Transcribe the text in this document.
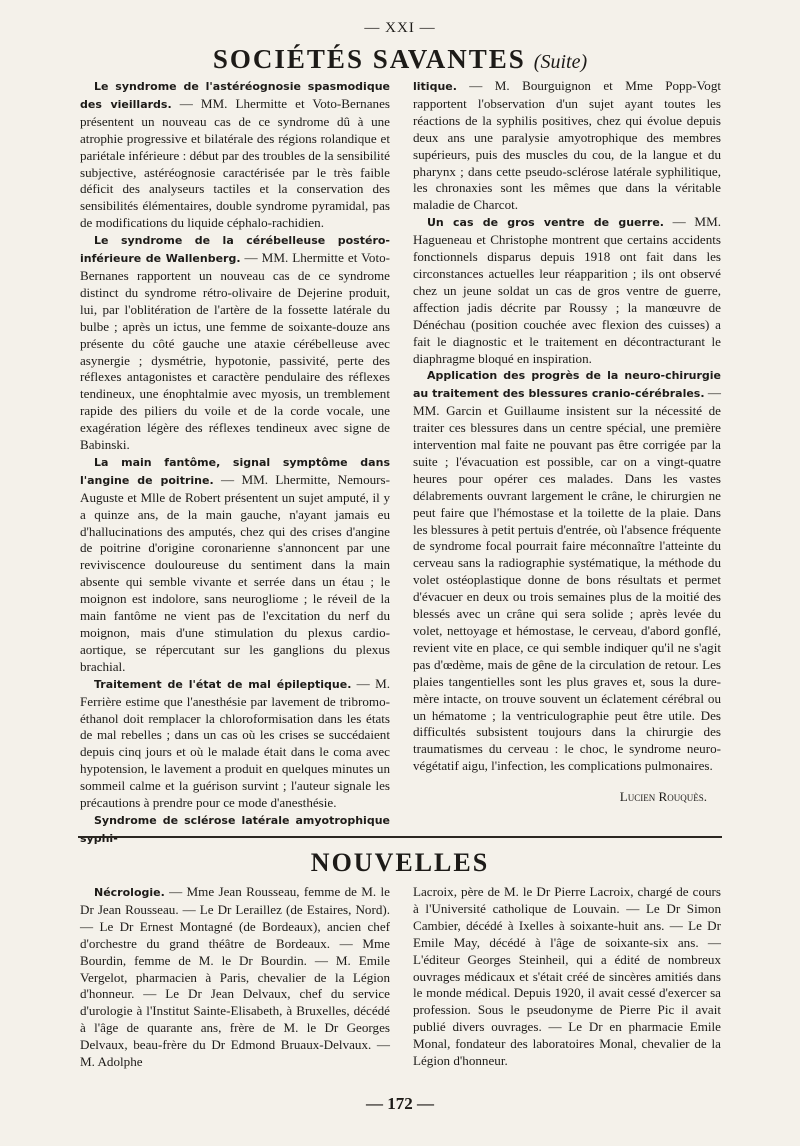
— XXI —
SOCIÉTÉS SAVANTES (Suite)

Le syndrome de l'astéréognosie spasmodique des vieillards. — MM. Lhermitte et Voto-Bernanes présentent un nouveau cas de ce syndrome dû à une atrophie progressive et bilatérale des régions rolandique et pariétale inférieure : début par des troubles de la sensibilité subjective, astéréognosie caractérisée par le très faible déficit des analyseurs tactiles et la conservation des sensibilités élémentaires, double syndrome pyramidal, pas de modifications du liquide céphalo-rachidien.

Le syndrome de la cérébelleuse postéro-inférieure de Wallenberg. — MM. Lhermitte et Voto-Bernanes rapportent un nouveau cas de ce syndrome distinct du syndrome rétro-olivaire de Dejerine produit, lui, par l'oblitération de l'artère de la fossette latérale du bulbe ; après un ictus, une femme de soixante-douze ans présente du côté gauche une ataxie cérébelleuse avec asynergie ; dysmétrie, hypotonie, passivité, perte des réflexes antagonistes et caractère pendulaire des réflexes tendineux, une énophtalmie avec myosis, un tremblement rapide des piliers du voile et de la corde vocale, une exagération légère des réflexes tendineux avec signe de Babinski.

La main fantôme, signal symptôme dans l'angine de poitrine. — MM. Lhermitte, Nemours-Auguste et Mlle de Robert présentent un sujet amputé, il y a quinze ans, de la main gauche, n'ayant jamais eu d'hallucinations des amputés, chez qui des crises d'angine de poitrine d'origine coronarienne s'annoncent par une reviviscence douloureuse du sentiment dans la main absente qui semble vivante et serrée dans un étau ; le moignon est indolore, sans neurogliome ; le réveil de la main fantôme ne vient pas de l'excitation du nerf du moignon, mais d'une stimulation du plexus cardio-aortique, se répercutant sur les ganglions du plexus brachial.

Traitement de l'état de mal épileptique. — M. Ferrière estime que l'anesthésie par lavement de tribromo-éthanol doit remplacer la chloroformisation dans les états de mal rebelles ; dans un cas où les crises se succédaient depuis cinq jours et où le malade était dans le coma avec hypotension, le lavement a produit en quelques minutes un sommeil calme et la guérison survint ; l'auteur signale les précautions à prendre pour ce mode d'anesthésie.

Syndrome de sclérose latérale amyotrophique syphi-

litique. — M. Bourguignon et Mme Popp-Vogt rapportent l'observation d'un sujet ayant toutes les réactions de la syphilis positives, chez qui évolue depuis deux ans une paralysie amyotrophique des membres supérieurs, puis des muscles du cou, de la langue et du pharynx ; dans cette pseudo-sclérose latérale syphilitique, les chronaxies sont les mêmes que dans la véritable maladie de Charcot.

Un cas de gros ventre de guerre. — MM. Hagueneau et Christophe montrent que certains accidents fonctionnels disparus depuis 1918 ont fait dans les circonstances actuelles leur réapparition ; ils ont observé chez un jeune soldat un cas de gros ventre de guerre, affection jadis décrite par Roussy ; la manœuvre de Dénéchau (position couchée avec flexion des cuisses) a fait le diagnostic et le traitement en décontracturant le diaphragme bloqué en inspiration.

Application des progrès de la neuro-chirurgie au traitement des blessures cranio-cérébrales. — MM. Garcin et Guillaume insistent sur la nécessité de traiter ces blessures dans un centre spécial, une première intervention mal faite ne pouvant pas être corrigée par la suite ; l'évacuation est possible, car on a vingt-quatre heures pour opérer ces malades. Dans les vastes délabrements ouvrant largement le crâne, le chirurgien ne peut faire que l'hémostase et la toilette de la plaie. Dans les blessures à petit pertuis d'entrée, où l'absence fréquente de syndrome focal pourrait faire méconnaître l'atteinte du cerveau sans la radiographie systématique, la méthode du volet ostéoplastique donne de bons résultats et permet d'évacuer en deux ou trois semaines plus de la moitié des blessés avec un crâne qui sera solide ; après levée du volet, nettoyage et hémostase, le cerveau, d'abord gonflé, revient vite en place, ce qui semble indiquer qu'il ne s'agit pas d'œdème, mais de gêne de la circulation de retour. Les plaies tangentielles sont les plus graves et, sous la dure-mère intacte, on trouve souvent un éclatement cérébral ou un hématome ; la ventriculographie peut être utile. Des difficultés subsistent toujours dans la chirurgie des traumatismes du cerveau : le choc, le syndrome neuro-végétatif aigu, l'infection, les complications pulmonaires.

Lucien Rouquès.

NOUVELLES

Nécrologie. — Mme Jean Rousseau, femme de M. le Dr Jean Rousseau. — Le Dr Leraillez (de Estaires, Nord). — Le Dr Ernest Montagné (de Bordeaux), ancien chef d'orchestre du grand théâtre de Bordeaux. — Mme Bourdin, femme de M. le Dr Bourdin. — M. Emile Vergelot, pharmacien à Paris, chevalier de la Légion d'honneur. — Le Dr Jean Delvaux, chef du service d'urologie à l'Institut Sainte-Elisabeth, à Bruxelles, décédé à l'âge de quarante ans, frère de M. le Dr Georges Delvaux, beau-frère du Dr Edmond Bruaux-Delvaux. — M. Adolphe

Lacroix, père de M. le Dr Pierre Lacroix, chargé de cours à l'Université catholique de Louvain. — Le Dr Simon Cambier, décédé à Ixelles à soixante-huit ans. — Le Dr Emile May, décédé à l'âge de soixante-six ans. — L'éditeur Georges Steinheil, qui a édité de nombreux ouvrages médicaux et s'était créé de sincères amitiés dans le monde médical. Depuis 1920, il avait cessé d'exercer sa profession. Sous le pseudonyme de Pierre Pic il avait publié divers ouvrages. — Le Dr en pharmacie Emile Monal, fondateur des laboratoires Monal, chevalier de la Légion d'honneur.

— 172 —
